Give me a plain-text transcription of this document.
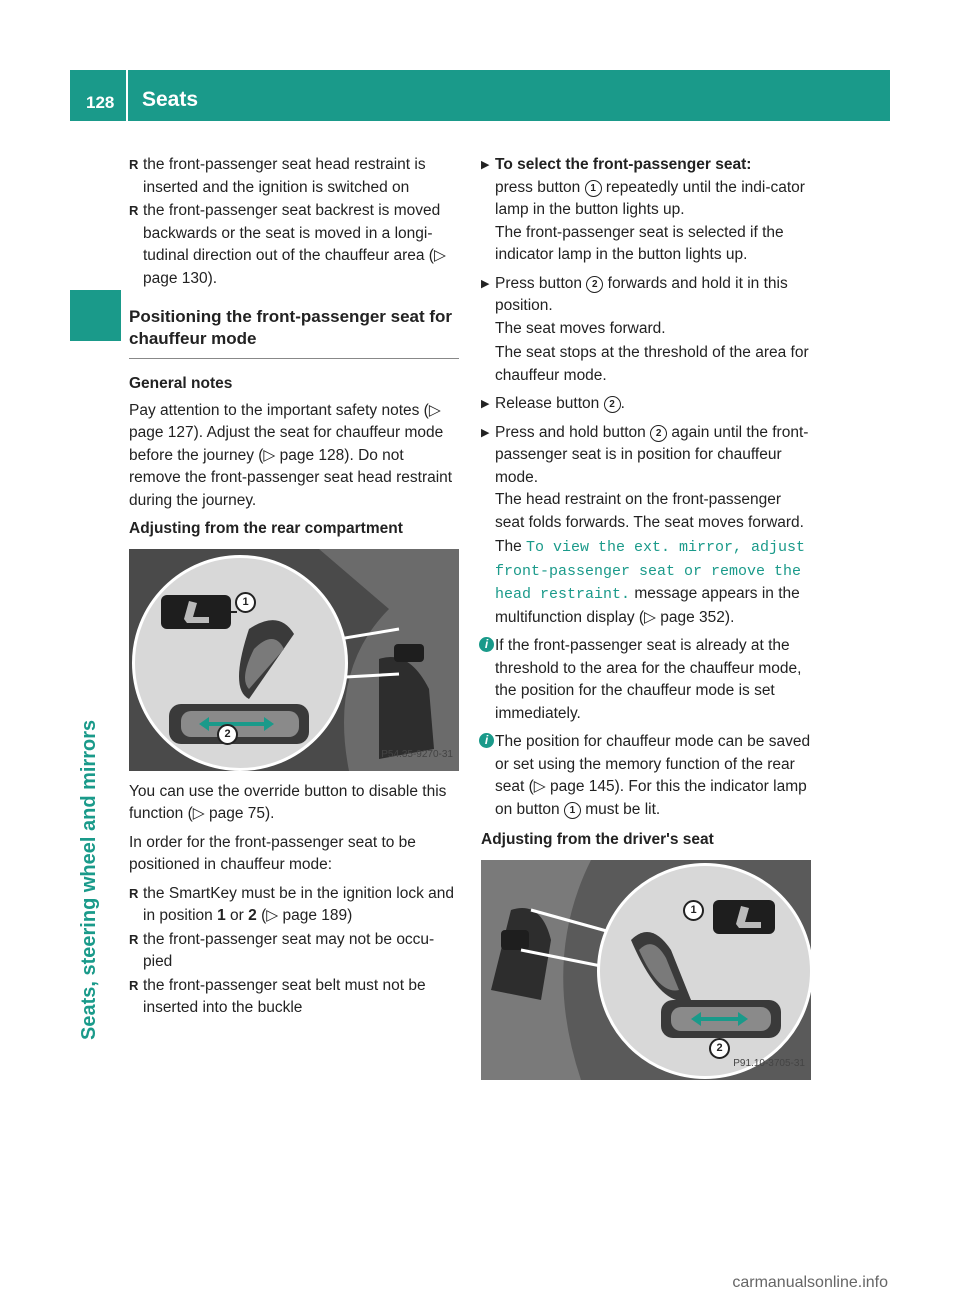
128 Seats
Seats, steering wheel and mirrors
R the front-passenger seat head restraint is inserted and the ignition is switched on
R the front-passenger seat backrest is moved backwards or the seat is moved in a longi-tudinal direction out of the chauffeur area (▷ page 130).
Positioning the front-passenger seat for chauffeur mode
General notes

Pay attention to the important safety notes (▷ page 127). Adjust the seat for chauffeur mode before the journey (▷ page 128). Do not remove the front-passenger seat head restraint during the journey.

Adjusting from the rear compartment
1
2
P54.35-9270-31

You can use the override button to disable this function (▷ page 75).

In order for the front-passenger seat to be positioned in chauffeur mode:

R the SmartKey must be in the ignition lock and in position 1 or 2 (▷ page 189)
R the front-passenger seat may not be occu-pied
R the front-passenger seat belt must not be inserted into the buckle

▶ To select the front-passenger seat:

press button 1 repeatedly until the indi-cator lamp in the button lights up.

The front-passenger seat is selected if the indicator lamp in the button lights up.

▶ Press button 2 forwards and hold it in this position.

The seat moves forward.

The seat stops at the threshold of the area for chauffeur mode.

▶ Release button 2 .

▶ Press and hold button 2 again until the front-passenger seat is in position for chauffeur mode.

The head restraint on the front-passenger seat folds forwards. The seat moves forward.

The To view the ext. mirror, adjust front-passenger seat or remove the head restraint. message appears in the multifunction display (▷ page 352).

i If the front-passenger seat is already at the threshold to the area for the chauffeur mode, the position for the chauffeur mode is set immediately.
i The position for chauffeur mode can be saved or set using the memory function of the rear seat (▷ page 145). For this the indicator lamp on button 1 must be lit.
Adjusting from the driver's seat
1
2
P91.10-3705-31
carmanualsonline.info
